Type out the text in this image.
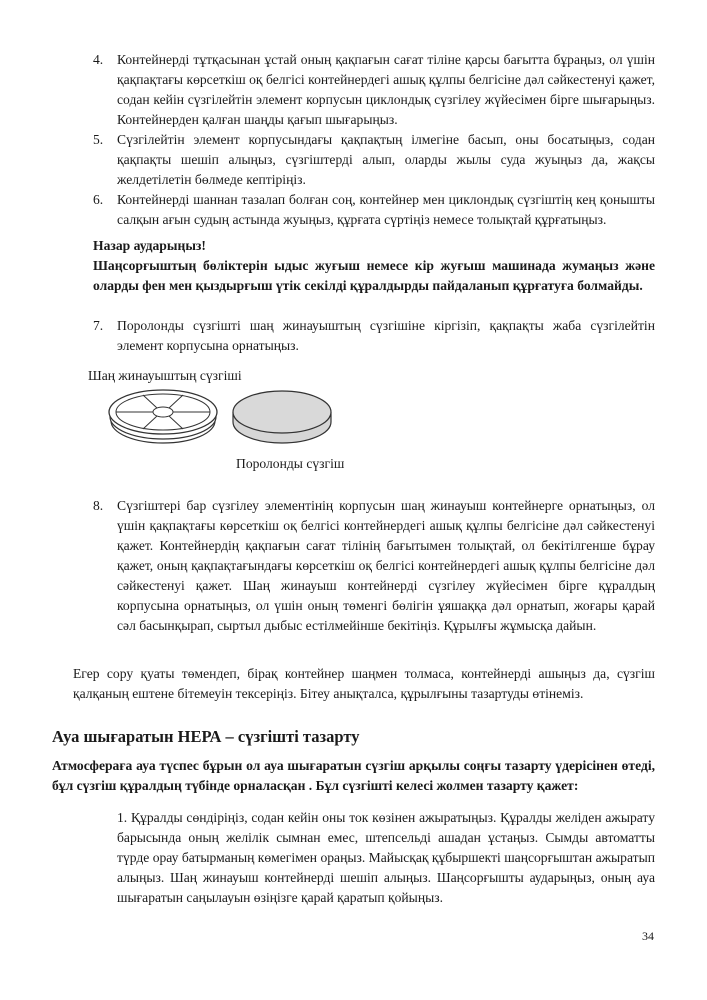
4. Контейнерді тұтқасынан ұстай оның қақпағын сағат тіліне қарсы бағытта бұраңыз, ол үшін қақпақтағы көрсеткіш оқ белгісі контейнердегі ашық құлпы белгісіне дәл сәйкестенуі қажет, содан кейін сүзгілейтін элемент корпусын циклондық сүзгілеу жүйесімен бірге шығарыңыз. Контейнерден қалған шаңды қағып шығарыңыз.
5. Сүзгілейтін элемент корпусындағы қақпақтың ілмегіне басып, оны босатыңыз, содан қақпақты шешіп алыңыз, сүзгіштерді алып, оларды жылы суда жуыңыз да, жақсы желдетілетін бөлмеде кептіріңіз.
6. Контейнерді шаннан тазалап болған соң, контейнер мен циклондық сүзгіштің кең қонышты салқын ағын судың астында жуыңыз, құрғата сүртіңіз немесе толықтай құрғатыңыз.
Назар аударыңыз!
Шаңсорғыштың бөліктерін ыдыс жуғыш немесе кір жуғыш машинада жумаңыз және оларды фен мен қыздырғыш үтік секілді құралдырды пайдаланып құрғатуға болмайды.
7. Поролонды сүзгішті шаң жинауыштың сүзгішіне кіргізіп, қақпақты жаба сүзгілейтін элемент корпусына орнатыңыз.
Шаң жинауыштың сүзгіші
Поролонды сүзгіш
8. Сүзгіштері бар сүзгілеу элементінің корпусын шаң жинауыш контейнерге орнатыңыз, ол үшін қақпақтағы көрсеткіш оқ белгісі контейнердегі ашық құлпы белгісіне дәл сәйкестенуі қажет. Контейнердің қақпағын сағат тілінің бағытымен толықтай, ол бекітілгенше бұрау қажет, оның қақпақтағындағы көрсеткіш оқ белгісі контейнердегі ашық құлпы белгісіне дәл сәйкестенуі қажет. Шаң жинауыш контейнерді сүзгілеу жүйесімен бірге құралдың корпусына орнатыңыз, ол үшін оның төменгі бөлігін ұяшаққа дәл орнатып, жоғары қарай сәл басынқырап, сыртыл дыбыс естілмейінше бекітіңіз. Құрылғы жұмысқа дайын.
Егер сору қуаты төмендеп, бірақ контейнер шаңмен толмаса, контейнерді ашыңыз да, сүзгіш қалқаның ештене бітемеуін тексеріңіз. Бітеу анықталса, құрылғыны тазартуды өтінеміз.
Ауа шығаратын НЕРА – сүзгішті тазарту
Атмосфераға ауа түспес бұрын ол ауа шығаратын сүзгіш арқылы соңғы тазарту үдерісінен өтеді, бұл сүзгіш құралдың түбінде орналасқан . Бұл сүзгішті келесі жолмен тазарту қажет:
1. Құралды сөндіріңіз, содан кейін оны ток көзінен ажыратыңыз. Құралды желіден ажырату барысында оның желілік сымнан емес, штепсельді ашадан ұстаңыз. Сымды автоматты түрде орау батырманың көмегімен ораңыз. Майысқақ құбыршекті шаңсорғыштан ажыратып алыңыз. Шаң жинауыш контейнерді шешіп алыңыз. Шаңсорғышты аударыңыз, оның ауа шығаратын саңылауын өзіңізге қарай қаратып қойыңыз.
34
